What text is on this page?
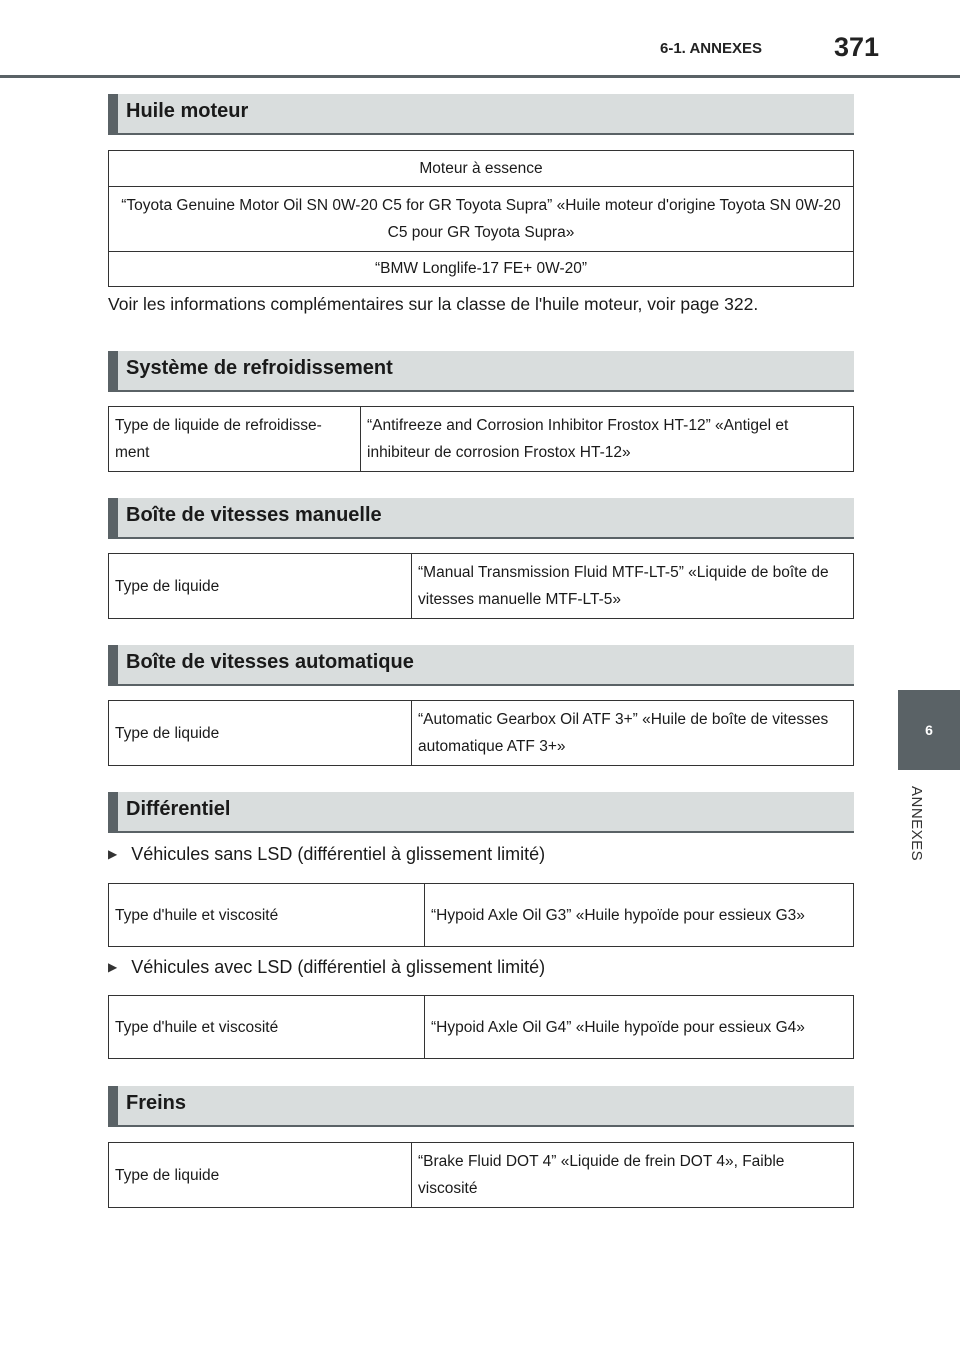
6-1. ANNEXES	371
6
ANNEXES
Huile moteur
Moteur à essence
“Toyota Genuine Motor Oil SN 0W-20 C5 for GR Toyota Supra” «Huile moteur d'origine Toyota SN 0W-20 C5 pour GR Toyota Supra»
“BMW Longlife-17 FE+ 0W-20”
Voir les informations complémentaires sur la classe de l'huile moteur, voir page 322.
Système de refroidissement
Type de liquide de refroidisse-ment	“Antifreeze and Corrosion Inhibitor Frostox HT-12” «Antigel et inhibiteur de corrosion Frostox HT-12»
Boîte de vitesses manuelle
Type de liquide	“Manual Transmission Fluid MTF-LT-5” «Liquide de boîte de vitesses manuelle MTF-LT-5»
Boîte de vitesses automatique
Type de liquide	“Automatic Gearbox Oil ATF 3+” «Huile de boîte de vitesses automatique ATF 3+»
Différentiel
▶ Véhicules sans LSD (différentiel à glissement limité)
Type d'huile et viscosité	“Hypoid Axle Oil G3” «Huile hypoïde pour essieux G3»
▶ Véhicules avec LSD (différentiel à glissement limité)
Type d'huile et viscosité	“Hypoid Axle Oil G4” «Huile hypoïde pour essieux G4»
Freins
Type de liquide	“Brake Fluid DOT 4” «Liquide de frein DOT 4», Faible viscosité
